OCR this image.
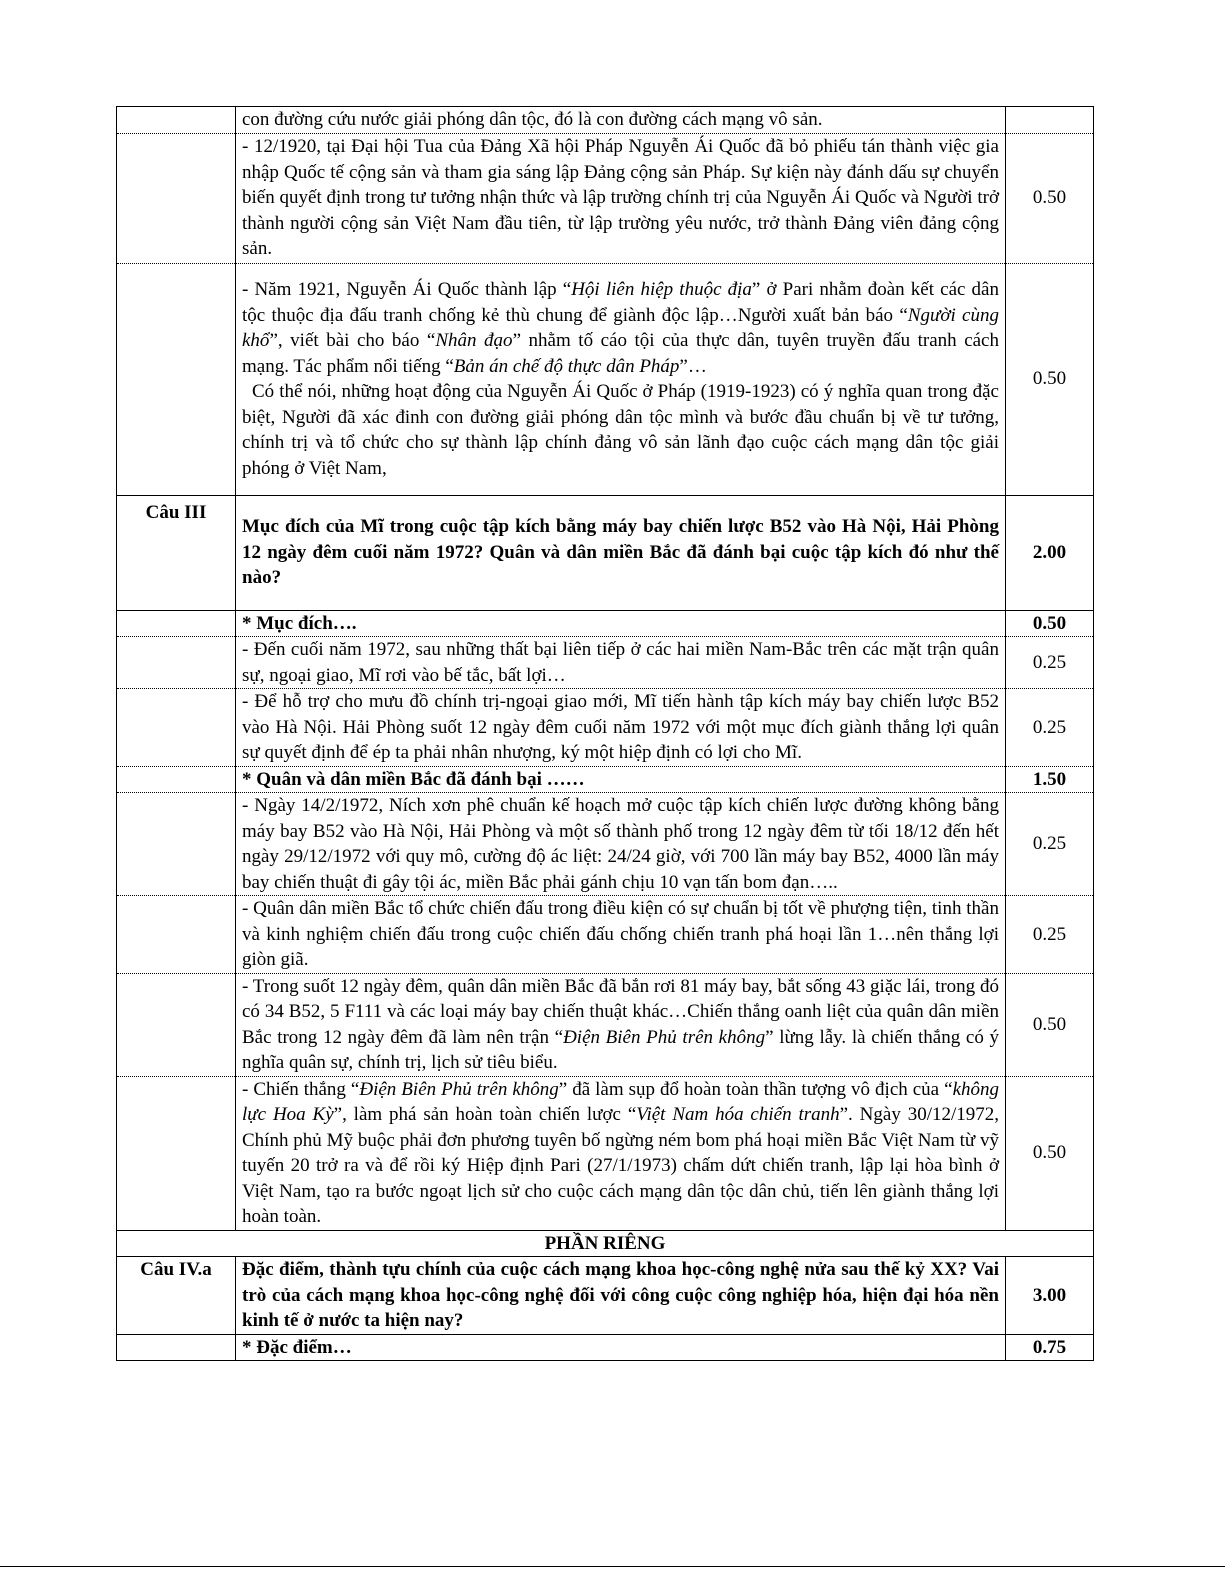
	con đường cứu nước giải phóng dân tộc, đó là con đường cách mạng vô sản.	
	- 12/1920, tại Đại hội Tua của Đảng Xã hội Pháp Nguyễn Ái Quốc đã bỏ phiếu tán thành việc gia nhập Quốc tế cộng sản và tham gia sáng lập Đảng cộng sản Pháp. Sự kiện này đánh dấu sự chuyển biến quyết định trong tư tưởng nhận thức và lập trường chính trị của Nguyễn Ái Quốc và Người trở thành người cộng sản Việt Nam đầu tiên, từ lập trường yêu nước, trở thành Đảng viên đảng cộng sản.	0.50
	- Năm 1921, Nguyễn Ái Quốc thành lập “Hội liên hiệp thuộc địa” ở Pari nhằm đoàn kết các dân tộc thuộc địa đấu tranh chống kẻ thù chung để giành độc lập…Người xuất bản báo “Người cùng khổ”, viết bài cho báo “Nhân đạo” nhằm tố cáo tội của thực dân, tuyên truyền đấu tranh cách mạng. Tác phẩm nổi tiếng “Bản án chế độ thực dân Pháp”…
Có thể nói, những hoạt động của Nguyễn Ái Quốc ở Pháp (1919-1923) có ý nghĩa quan trong đặc biệt, Người đã xác đinh con đường giải phóng dân tộc mình và bước đầu chuẩn bị về tư tưởng, chính trị và tổ chức cho sự thành lập chính đảng vô sản lãnh đạo cuộc cách mạng dân tộc giải phóng ở Việt Nam,	0.50
Câu III	Mục đích của Mĩ trong cuộc tập kích bằng máy bay chiến lược B52 vào Hà Nội, Hải Phòng 12 ngày đêm cuối năm 1972? Quân và dân miền Bắc đã đánh bại cuộc tập kích đó như thế nào?	2.00
	* Mục đích….	0.50
	- Đến cuối năm 1972, sau những thất bại liên tiếp ở các hai miền Nam-Bắc trên các mặt trận quân sự, ngoại giao, Mĩ rơi vào bế tắc, bất lợi…	0.25
	- Để hỗ trợ cho mưu đồ chính trị-ngoại giao mới, Mĩ tiến hành tập kích máy bay chiến lược B52 vào Hà Nội. Hải Phòng suốt 12 ngày đêm cuối năm 1972 với một mục đích giành thắng lợi quân sự quyết định để ép ta phải nhân nhượng, ký một hiệp định có lợi cho Mĩ.	0.25
	* Quân và dân miền Bắc đã đánh bại ……	1.50
	- Ngày 14/2/1972, Ních xơn phê chuẩn kế hoạch mở cuộc tập kích chiến lược đường không bằng máy bay B52 vào Hà Nội, Hải Phòng và một số thành phố trong 12 ngày đêm từ tối 18/12 đến hết ngày 29/12/1972 với quy mô, cường độ ác liệt: 24/24 giờ, với 700 lần máy bay B52, 4000 lần máy bay chiến thuật đi gây tội ác, miền Bắc phải gánh chịu 10 vạn tấn bom đạn…..	0.25
	- Quân dân miền Bắc tổ chức chiến đấu trong điều kiện có sự chuẩn bị tốt về phượng tiện, tinh thần và kinh nghiệm chiến đấu trong cuộc chiến đấu chống chiến tranh phá hoại lần 1…nên thắng lợi giòn giã.	0.25
	- Trong suốt 12 ngày đêm, quân dân miền Bắc đã bắn rơi 81 máy bay, bắt sống 43 giặc lái, trong đó có 34 B52, 5 F111 và các loại máy bay chiến thuật khác…Chiến thắng oanh liệt của quân dân miền Bắc trong 12 ngày đêm đã làm nên trận “Điện Biên Phủ trên không” lừng lẫy. là chiến thắng có ý nghĩa quân sự, chính trị, lịch sử tiêu biểu.	0.50
	- Chiến thắng “Điện Biên Phủ trên không” đã làm sụp đổ hoàn toàn thần tượng vô địch của “không lực Hoa Kỳ”, làm phá sản hoàn toàn chiến lược “Việt Nam hóa chiến tranh”. Ngày 30/12/1972, Chính phủ Mỹ buộc phải đơn phương tuyên bố ngừng ném bom phá hoại miền Bắc Việt Nam từ vỹ tuyến 20 trở ra và để rồi ký Hiệp định Pari (27/1/1973) chấm dứt chiến tranh, lập lại hòa bình ở Việt Nam, tạo ra bước ngoạt lịch sử cho cuộc cách mạng dân tộc dân chủ, tiến lên giành thắng lợi hoàn toàn.	0.50
PHẦN RIÊNG		
Câu IV.a	Đặc điểm, thành tựu chính của cuộc cách mạng khoa học-công nghệ nửa sau thế kỷ XX? Vai trò của cách mạng khoa học-công nghệ đối với công cuộc công nghiệp hóa, hiện đại hóa nền kinh tế ở nước ta hiện nay?	3.00
	* Đặc điểm…	0.75
